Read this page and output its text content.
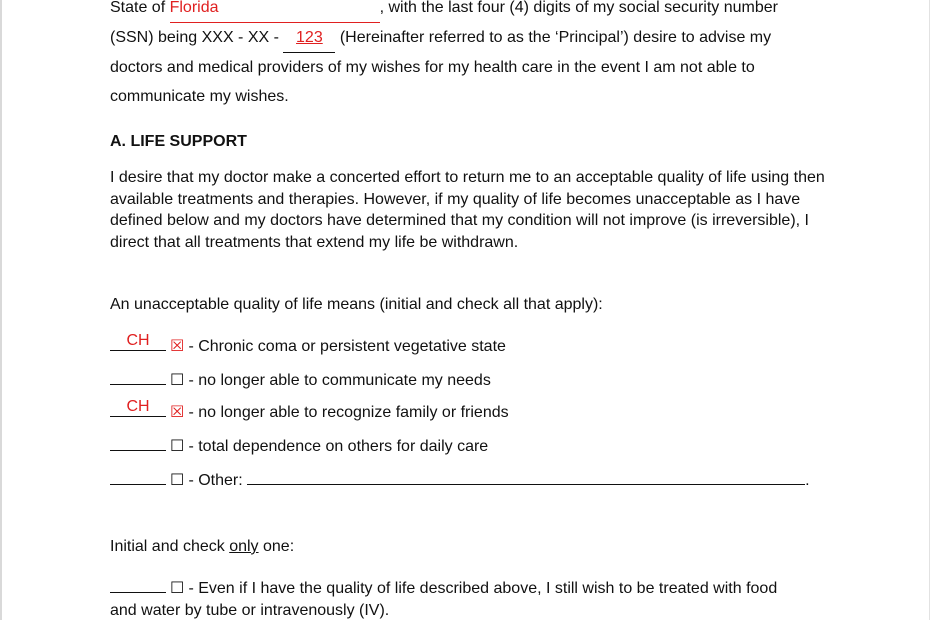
State of Florida	, with the last four (4) digits of my social security number
(SSN) being XXX - XX - 123 (Hereinafter referred to as the ‘Principal’) desire to advise my
doctors and medical providers of my wishes for my health care in the event I am not able to
communicate my wishes.
A. LIFE SUPPORT
I desire that my doctor make a concerted effort to return me to an acceptable quality of life using then available treatments and therapies. However, if my quality of life becomes unacceptable as I have defined below and my doctors have determined that my condition will not improve (is irreversible), I direct that all treatments that extend my life be withdrawn.
An unacceptable quality of life means (initial and check all that apply):
CH	☒ - Chronic coma or persistent vegetative state
☐ - no longer able to communicate my needs
CH	☒ - no longer able to recognize family or friends
☐ - total dependence on others for daily care
☐ - Other:	.
Initial and check only one:
☐ - Even if I have the quality of life described above, I still wish to be treated with food
and water by tube or intravenously (IV).
